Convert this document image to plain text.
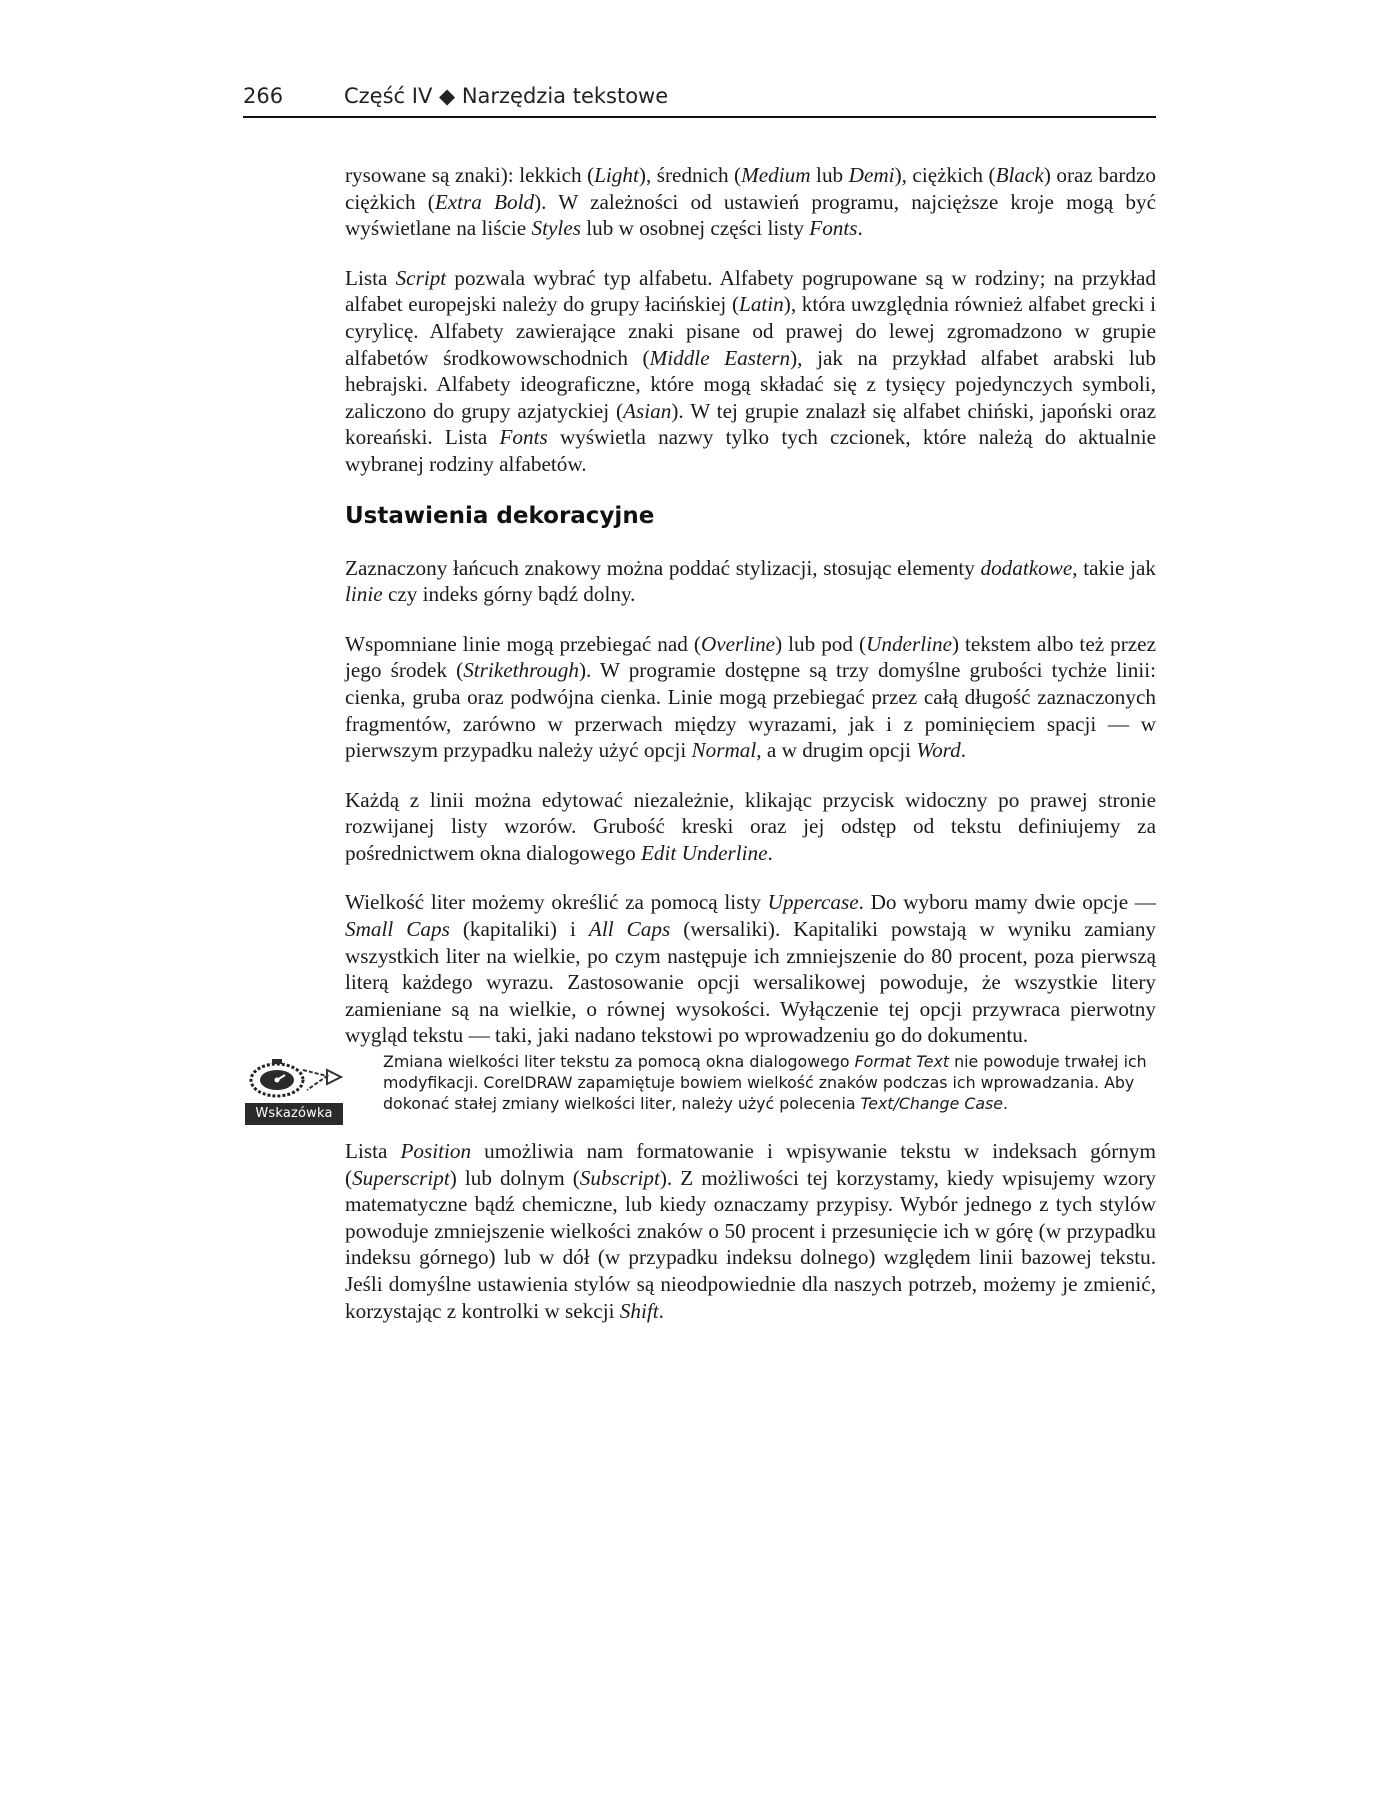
266	Część IV ◆ Narzędzia tekstowe

rysowane są znaki): lekkich (Light), średnich (Medium lub Demi), ciężkich (Black) oraz bardzo ciężkich (Extra Bold). W zależności od ustawień programu, najcięższe kroje mogą być wyświetlane na liście Styles lub w osobnej części listy Fonts.

Lista Script pozwala wybrać typ alfabetu. Alfabety pogrupowane są w rodziny; na przykład alfabet europejski należy do grupy łacińskiej (Latin), która uwzględnia również alfabet grecki i cyrylicę. Alfabety zawierające znaki pisane od prawej do lewej zgromadzono w grupie alfabetów środkowowschodnich (Middle Eastern), jak na przykład alfabet arabski lub hebrajski. Alfabety ideograficzne, które mogą składać się z tysięcy pojedynczych symboli, zaliczono do grupy azjatyckiej (Asian). W tej grupie znalazł się alfabet chiński, japoński oraz koreański. Lista Fonts wyświetla nazwy tylko tych czcionek, które należą do aktualnie wybranej rodziny alfabetów.

Ustawienia dekoracyjne

Zaznaczony łańcuch znakowy można poddać stylizacji, stosując elementy dodatkowe, takie jak linie czy indeks górny bądź dolny.

Wspomniane linie mogą przebiegać nad (Overline) lub pod (Underline) tekstem albo też przez jego środek (Strikethrough). W programie dostępne są trzy domyślne grubości tychże linii: cienka, gruba oraz podwójna cienka. Linie mogą przebiegać przez całą długość zaznaczonych fragmentów, zarówno w przerwach między wyrazami, jak i z pominięciem spacji — w pierwszym przypadku należy użyć opcji Normal, a w drugim opcji Word.

Każdą z linii można edytować niezależnie, klikając przycisk widoczny po prawej stronie rozwijanej listy wzorów. Grubość kreski oraz jej odstęp od tekstu definiujemy za pośrednictwem okna dialogowego Edit Underline.

Wielkość liter możemy określić za pomocą listy Uppercase. Do wyboru mamy dwie opcje — Small Caps (kapitaliki) i All Caps (wersaliki). Kapitaliki powstają w wyniku zamiany wszystkich liter na wielkie, po czym następuje ich zmniejszenie do 80 procent, poza pierwszą literą każdego wyrazu. Zastosowanie opcji wersalikowej powoduje, że wszystkie litery zamieniane są na wielkie, o równej wysokości. Wyłączenie tej opcji przywraca pierwotny wygląd tekstu — taki, jaki nadano tekstowi po wprowadzeniu go do dokumentu.

Wskazówka
Zmiana wielkości liter tekstu za pomocą okna dialogowego Format Text nie powoduje trwałej ich modyfikacji. CorelDRAW zapamiętuje bowiem wielkość znaków podczas ich wprowadzania. Aby dokonać stałej zmiany wielkości liter, należy użyć polecenia Text/Change Case.

Lista Position umożliwia nam formatowanie i wpisywanie tekstu w indeksach górnym (Superscript) lub dolnym (Subscript). Z możliwości tej korzystamy, kiedy wpisujemy wzory matematyczne bądź chemiczne, lub kiedy oznaczamy przypisy. Wybór jednego z tych stylów powoduje zmniejszenie wielkości znaków o 50 procent i przesunięcie ich w górę (w przypadku indeksu górnego) lub w dół (w przypadku indeksu dolnego) względem linii bazowej tekstu. Jeśli domyślne ustawienia stylów są nieodpowiednie dla naszych potrzeb, możemy je zmienić, korzystając z kontrolki w sekcji Shift.
